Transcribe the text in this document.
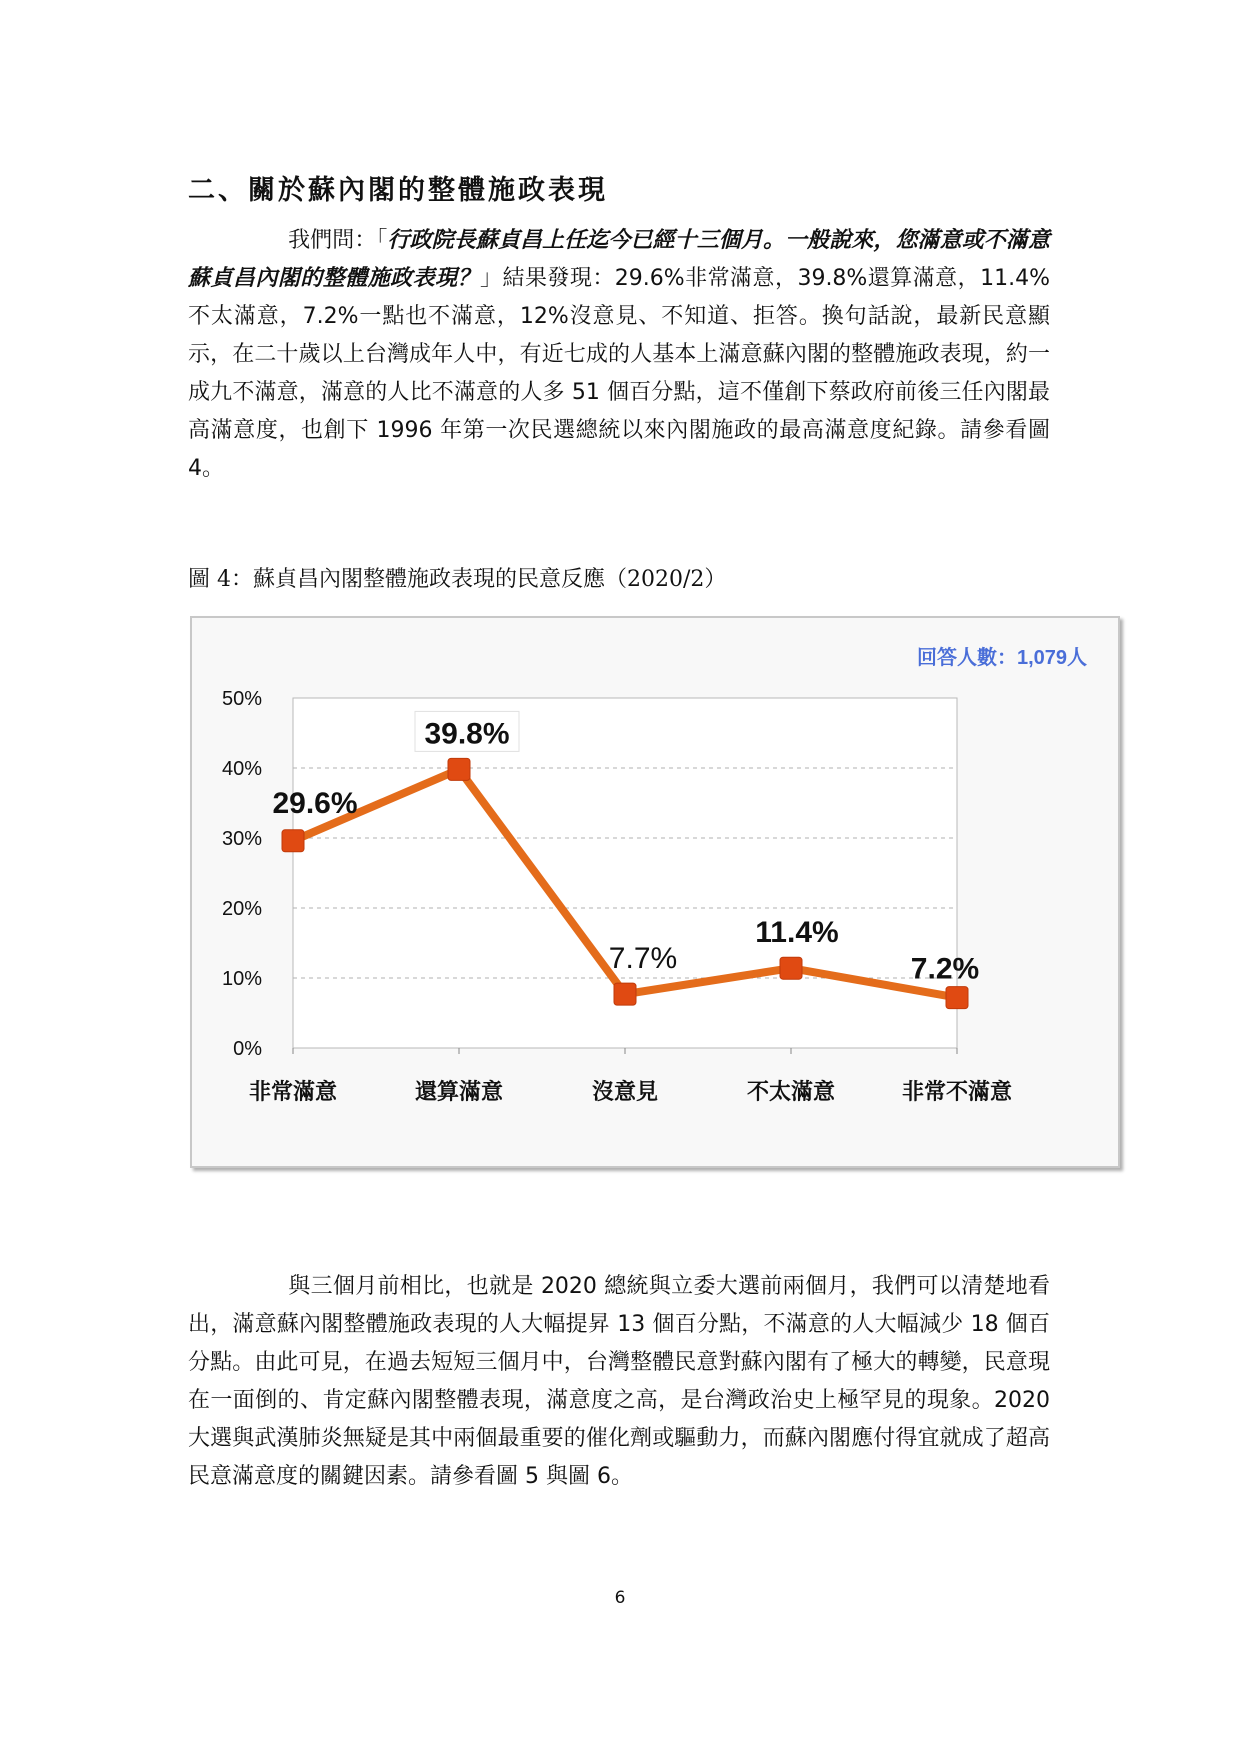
二、關於蘇內閣的整體施政表現

我們問：「行政院長蘇貞昌上任迄今已經十三個月。一般說來，您滿意或不滿意蘇貞昌內閣的整體施政表現？」結果發現：29.6%非常滿意，39.8%還算滿意，11.4%不太滿意，7.2%一點也不滿意，12%沒意見、不知道、拒答。換句話說，最新民意顯示，在二十歲以上台灣成年人中，有近七成的人基本上滿意蘇內閣的整體施政表現，約一成九不滿意，滿意的人比不滿意的人多 51 個百分點，這不僅創下蔡政府前後三任內閣最高滿意度，也創下 1996 年第一次民選總統以來內閣施政的最高滿意度紀錄。請參看圖 4。

圖 4：蘇貞昌內閣整體施政表現的民意反應（2020/2）

0%
10%
20%
30%
40%
50%
非常滿意	還算滿意	沒意見	不太滿意	非常不滿意
29.6%
39.8%
7.7%
11.4%
7.2%
回答人數：1,079人

與三個月前相比，也就是 2020 總統與立委大選前兩個月，我們可以清楚地看出，滿意蘇內閣整體施政表現的人大幅提昇 13 個百分點，不滿意的人大幅減少 18 個百分點。由此可見，在過去短短三個月中，台灣整體民意對蘇內閣有了極大的轉變，民意現在一面倒的、肯定蘇內閣整體表現，滿意度之高，是台灣政治史上極罕見的現象。2020 大選與武漢肺炎無疑是其中兩個最重要的催化劑或驅動力，而蘇內閣應付得宜就成了超高民意滿意度的關鍵因素。請參看圖 5 與圖 6。

6
